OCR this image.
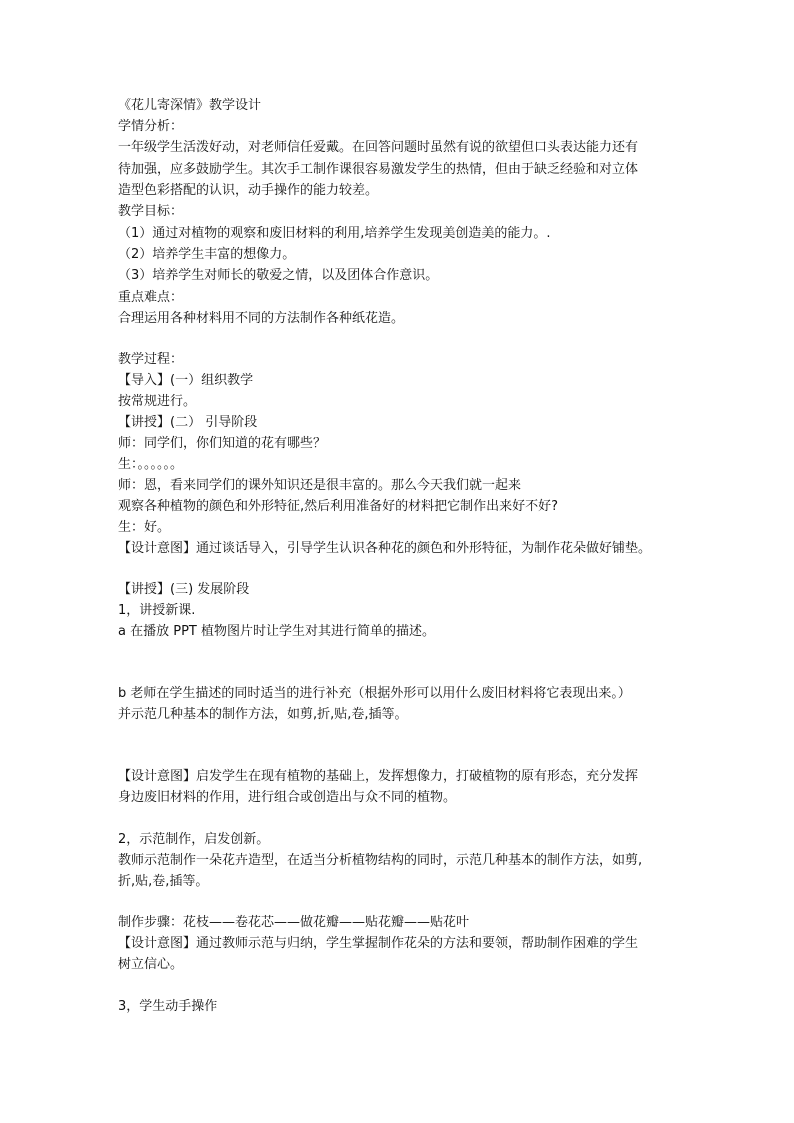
《花儿寄深情》教学设计
学情分析：
一年级学生活泼好动，对老师信任爱戴。在回答问题时虽然有说的欲望但口头表达能力还有
待加强，应多鼓励学生。其次手工制作课很容易激发学生的热情，但由于缺乏经验和对立体
造型色彩搭配的认识，动手操作的能力较差。
教学目标：
（1）通过对植物的观察和废旧材料的利用,培养学生发现美创造美的能力。.
（2）培养学生丰富的想像力。
（3）培养学生对师长的敬爱之情，以及团体合作意识。
重点难点：
合理运用各种材料用不同的方法制作各种纸花造。
教学过程：
【导入】(一）组织教学
按常规进行。
【讲授】(二） 引导阶段
师：同学们，你们知道的花有哪些？
生：。。。。。。
师：恩，看来同学们的课外知识还是很丰富的。那么今天我们就一起来
观察各种植物的颜色和外形特征,然后利用准备好的材料把它制作出来好不好?
生：好。
【设计意图】通过谈话导入，引导学生认识各种花的颜色和外形特征，为制作花朵做好铺垫。
【讲授】(三) 发展阶段
1，讲授新课.
a 在播放 PPT 植物图片时让学生对其进行简单的描述。
b 老师在学生描述的同时适当的进行补充（根据外形可以用什么废旧材料将它表现出来。）
并示范几种基本的制作方法，如剪,折,贴,卷,插等。
【设计意图】启发学生在现有植物的基础上，发挥想像力，打破植物的原有形态，充分发挥
身边废旧材料的作用，进行组合或创造出与众不同的植物。
2，示范制作，启发创新。
教师示范制作一朵花卉造型，在适当分析植物结构的同时，示范几种基本的制作方法，如剪,
折,贴,卷,插等。
制作步骤：花枝——卷花芯——做花瓣——贴花瓣——贴花叶
【设计意图】通过教师示范与归纳，学生掌握制作花朵的方法和要领，帮助制作困难的学生
树立信心。
3，学生动手操作
